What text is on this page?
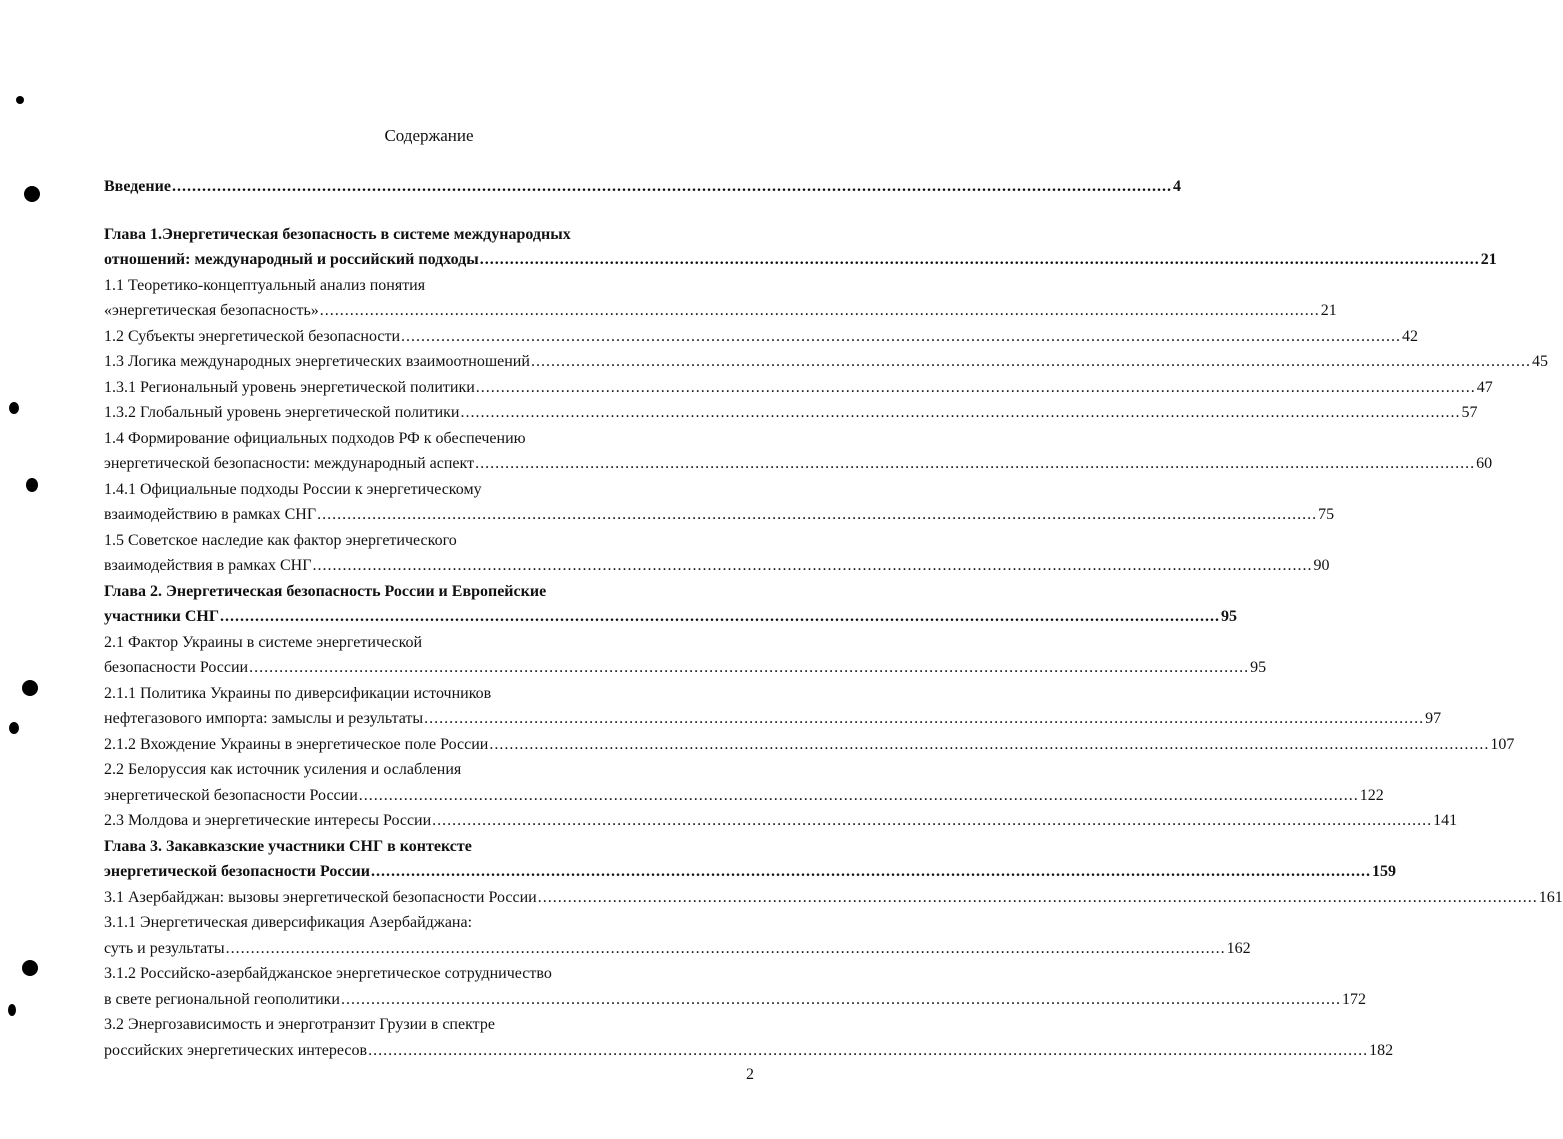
Содержание
Введение ........................................................................................................................................................................................................ 4
Глава 1.Энергетическая безопасность в системе международных
отношений: международный и российский подходы ........................................................................................................................................................................................................ 21
1.1 Теоретико-концептуальный анализ понятия
«энергетическая безопасность» ........................................................................................................................................................................................................ 21
1.2 Субъекты энергетической безопасности ........................................................................................................................................................................................................ 42
1.3 Логика международных энергетических взаимоотношений ........................................................................................................................................................................................................ 45
1.3.1 Региональный уровень энергетической политики ........................................................................................................................................................................................................ 47
1.3.2 Глобальный уровень энергетической политики ........................................................................................................................................................................................................ 57
1.4 Формирование официальных подходов РФ к обеспечению
энергетической безопасности: международный аспект ........................................................................................................................................................................................................ 60
1.4.1 Официальные подходы России к энергетическому
взаимодействию в рамках СНГ ........................................................................................................................................................................................................ 75
1.5 Советское наследие как фактор энергетического
взаимодействия в рамках СНГ ........................................................................................................................................................................................................ 90
Глава 2. Энергетическая безопасность России и Европейские
участники СНГ ........................................................................................................................................................................................................ 95
2.1 Фактор Украины в системе энергетической
безопасности России ........................................................................................................................................................................................................ 95
2.1.1 Политика Украины по диверсификации источников
нефтегазового импорта: замыслы и результаты ........................................................................................................................................................................................................ 97
2.1.2 Вхождение Украины в энергетическое поле России ........................................................................................................................................................................................................ 107
2.2 Белоруссия как источник усиления и ослабления
энергетической безопасности России ........................................................................................................................................................................................................ 122
2.3 Молдова и энергетические интересы России ........................................................................................................................................................................................................ 141
Глава 3. Закавказские участники СНГ в контексте
энергетической безопасности России ........................................................................................................................................................................................................ 159
3.1 Азербайджан: вызовы энергетической безопасности России ........................................................................................................................................................................................................ 161
3.1.1 Энергетическая диверсификация Азербайджана:
суть и результаты ........................................................................................................................................................................................................ 162
3.1.2 Российско-азербайджанское энергетическое сотрудничество
в свете региональной геополитики ........................................................................................................................................................................................................ 172
3.2 Энергозависимость и энерготранзит Грузии в спектре
российских энергетических интересов ........................................................................................................................................................................................................ 182
2
